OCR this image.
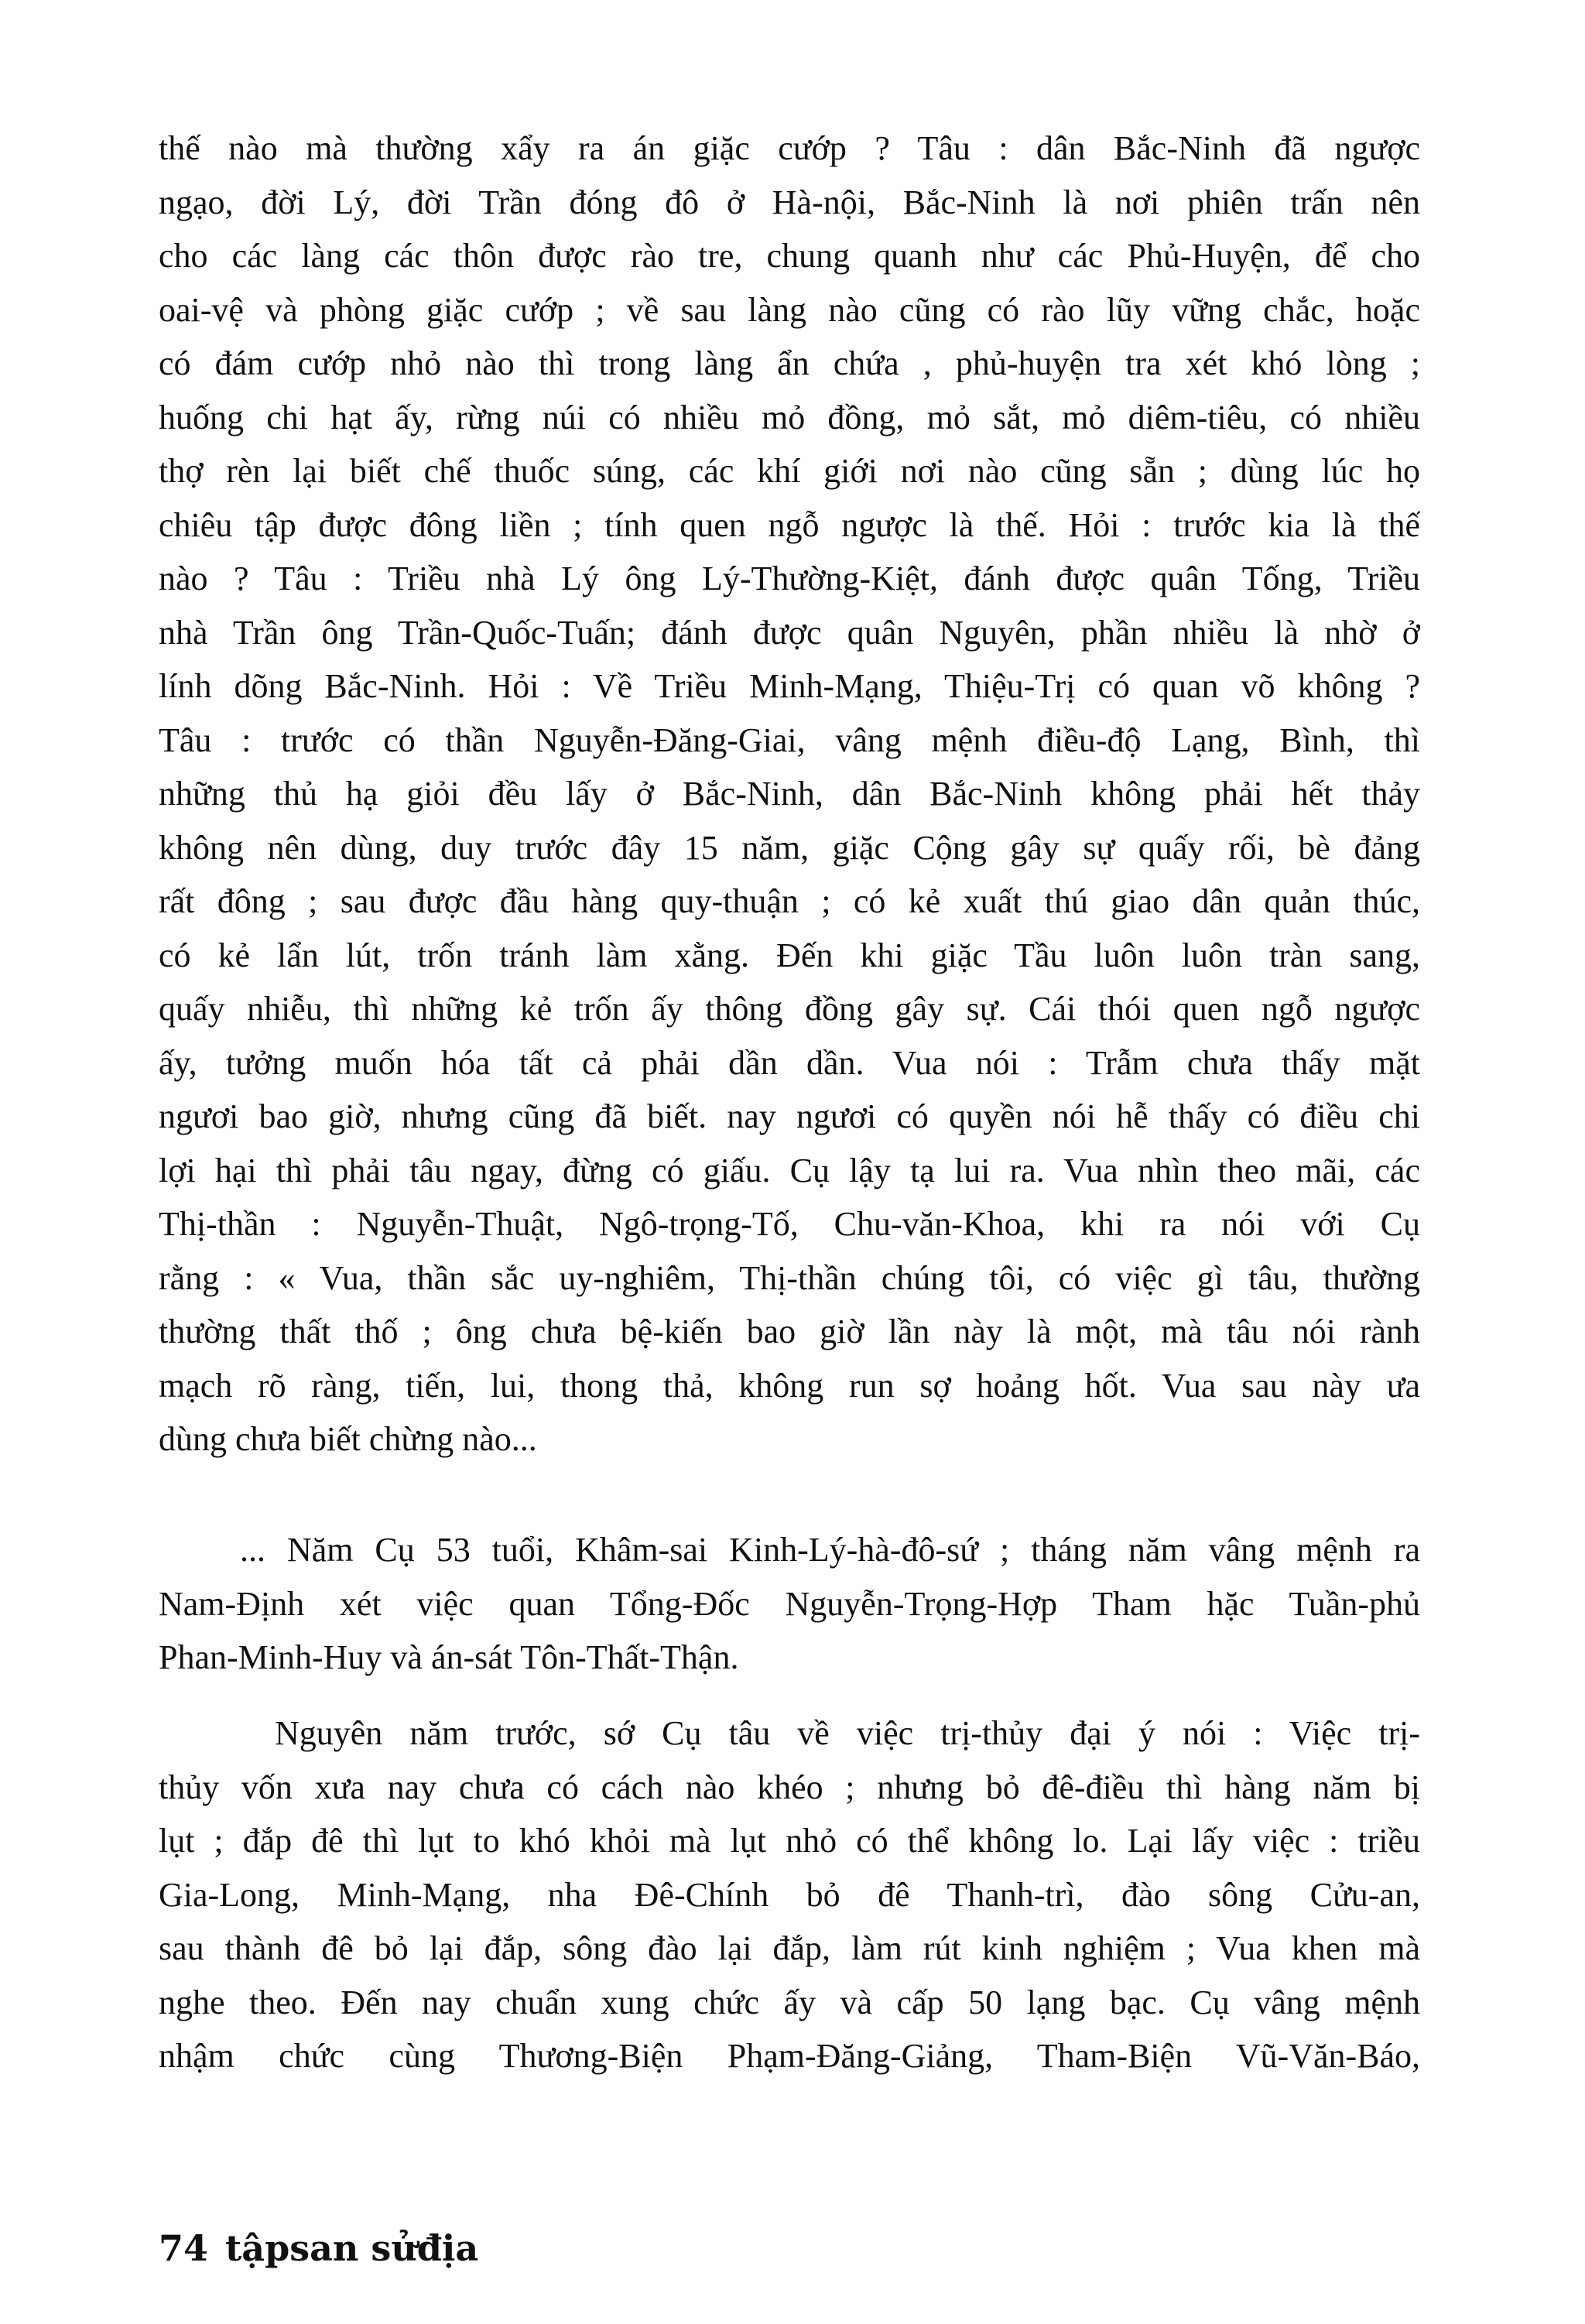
thế nào mà thường xẩy ra án giặc cướp ? Tâu : dân Bắc-Ninh đã ngược
ngạo, đời Lý, đời Trần đóng đô ở Hà-nội, Bắc-Ninh là nơi phiên trấn nên
cho các làng các thôn được rào tre, chung quanh như các Phủ-Huyện, để cho
oai-vệ và phòng giặc cướp ; về sau làng nào cũng có rào lũy vững chắc, hoặc
có đám cướp nhỏ nào thì trong làng ẩn chứa , phủ-huyện tra xét khó lòng ;
huống chi hạt ấy, rừng núi có nhiều mỏ đồng, mỏ sắt, mỏ diêm-tiêu, có nhiều
thợ rèn lại biết chế thuốc súng, các khí giới nơi nào cũng sẵn ; dùng lúc họ
chiêu tập được đông liền ; tính quen ngỗ ngược là thế. Hỏi : trước kia là thế
nào ? Tâu : Triều nhà Lý ông Lý-Thường-Kiệt, đánh được quân Tống, Triều
nhà Trần ông Trần-Quốc-Tuấn; đánh được quân Nguyên, phần nhiều là nhờ ở
lính dõng Bắc-Ninh. Hỏi : Về Triều Minh-Mạng, Thiệu-Trị có quan võ không ?
Tâu : trước có thần Nguyễn-Đăng-Giai, vâng mệnh điều-độ Lạng, Bình, thì
những thủ hạ giỏi đều lấy ở Bắc-Ninh, dân Bắc-Ninh không phải hết thảy
không nên dùng, duy trước đây 15 năm, giặc Cộng gây sự quấy rối, bè đảng
rất đông ; sau được đầu hàng quy-thuận ; có kẻ xuất thú giao dân quản thúc,
có kẻ lẩn lút, trốn tránh làm xằng. Đến khi giặc Tầu luôn luôn tràn sang,
quấy nhiễu, thì những kẻ trốn ấy thông đồng gây sự. Cái thói quen ngỗ ngược
ấy, tưởng muốn hóa tất cả phải dần dần. Vua nói : Trẫm chưa thấy mặt
ngươi bao giờ, nhưng cũng đã biết. nay ngươi có quyền nói hễ thấy có điều chi
lợi hại thì phải tâu ngay, đừng có giấu. Cụ lậy tạ lui ra. Vua nhìn theo mãi, các
Thị-thần : Nguyễn-Thuật, Ngô-trọng-Tố, Chu-văn-Khoa, khi ra nói với Cụ
rằng : « Vua, thần sắc uy-nghiêm, Thị-thần chúng tôi, có việc gì tâu, thường
thường thất thố ; ông chưa bệ-kiến bao giờ lần này là một, mà tâu nói rành
mạch rõ ràng, tiến, lui, thong thả, không run sợ hoảng hốt. Vua sau này ưa
dùng chưa biết chừng nào...
... Năm Cụ 53 tuổi, Khâm-sai Kinh-Lý-hà-đô-sứ ; tháng năm vâng mệnh ra
Nam-Định xét việc quan Tổng-Đốc Nguyễn-Trọng-Hợp Tham hặc Tuần-phủ
Phan-Minh-Huy và án-sát Tôn-Thất-Thận.
Nguyên năm trước, sớ Cụ tâu về việc trị-thủy đại ý nói : Việc trị-
thủy vốn xưa nay chưa có cách nào khéo ; nhưng bỏ đê-điều thì hàng năm bị
lụt ; đắp đê thì lụt to khó khỏi mà lụt nhỏ có thể không lo. Lại lấy việc : triều
Gia-Long, Minh-Mạng, nha Đê-Chính bỏ đê Thanh-trì, đào sông Cửu-an,
sau thành đê bỏ lại đắp, sông đào lại đắp, làm rút kinh nghiệm ; Vua khen mà
nghe theo. Đến nay chuẩn xung chức ấy và cấp 50 lạng bạc. Cụ vâng mệnh
nhậm chức cùng Thương-Biện Phạm-Đăng-Giảng, Tham-Biện Vũ-Văn-Báo,
74 tậpsan sửđịa
